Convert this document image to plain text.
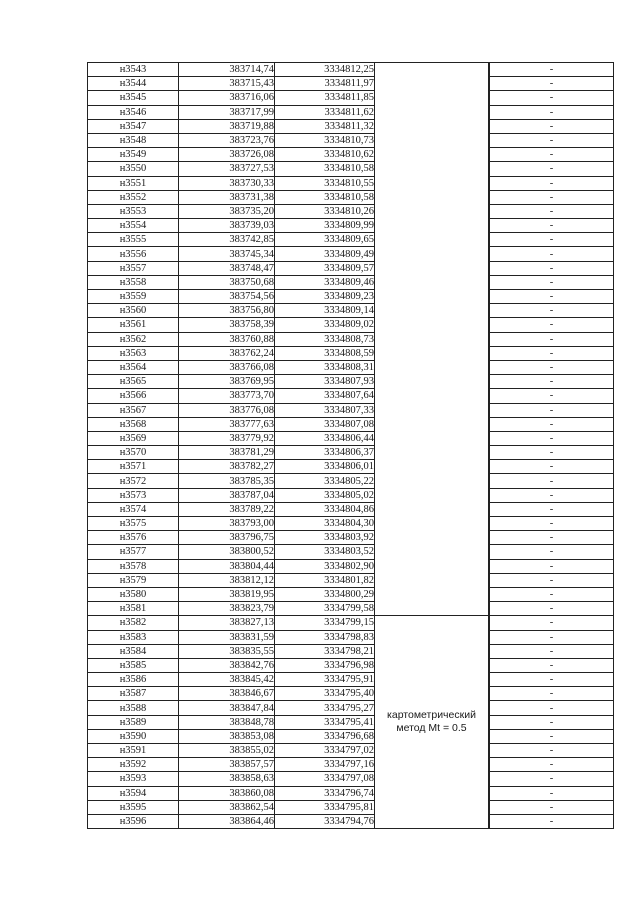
н3543	383714,74	3334812,25			-
н3544	383715,43	3334811,97		-
н3545	383716,06	3334811,85		-
н3546	383717,99	3334811,62		-
н3547	383719,88	3334811,32		-
н3548	383723,76	3334810,73		-
н3549	383726,08	3334810,62		-
н3550	383727,53	3334810,58		-
н3551	383730,33	3334810,55		-
н3552	383731,38	3334810,58		-
н3553	383735,20	3334810,26		-
н3554	383739,03	3334809,99		-
н3555	383742,85	3334809,65		-
н3556	383745,34	3334809,49		-
н3557	383748,47	3334809,57		-
н3558	383750,68	3334809,46		-
н3559	383754,56	3334809,23		-
н3560	383756,80	3334809,14		-
н3561	383758,39	3334809,02		-
н3562	383760,88	3334808,73		-
н3563	383762,24	3334808,59		-
н3564	383766,08	3334808,31		-
н3565	383769,95	3334807,93		-
н3566	383773,70	3334807,64		-
н3567	383776,08	3334807,33		-
н3568	383777,63	3334807,08		-
н3569	383779,92	3334806,44		-
н3570	383781,29	3334806,37		-
н3571	383782,27	3334806,01		-
н3572	383785,35	3334805,22		-
н3573	383787,04	3334805,02		-
н3574	383789,22	3334804,86		-
н3575	383793,00	3334804,30		-
н3576	383796,75	3334803,92		-
н3577	383800,52	3334803,52		-
н3578	383804,44	3334802,90		-
н3579	383812,12	3334801,82		-
н3580	383819,95	3334800,29		-
н3581	383823,79	3334799,58		-
н3582	383827,13	3334799,15	картометрический
метод Mt = 0.5		-
н3583	383831,59	3334798,83		-
н3584	383835,55	3334798,21		-
н3585	383842,76	3334796,98		-
н3586	383845,42	3334795,91		-
н3587	383846,67	3334795,40		-
н3588	383847,84	3334795,27		-
н3589	383848,78	3334795,41		-
н3590	383853,08	3334796,68		-
н3591	383855,02	3334797,02		-
н3592	383857,57	3334797,16		-
н3593	383858,63	3334797,08		-
н3594	383860,08	3334796,74		-
н3595	383862,54	3334795,81		-
н3596	383864,46	3334794,76		-
